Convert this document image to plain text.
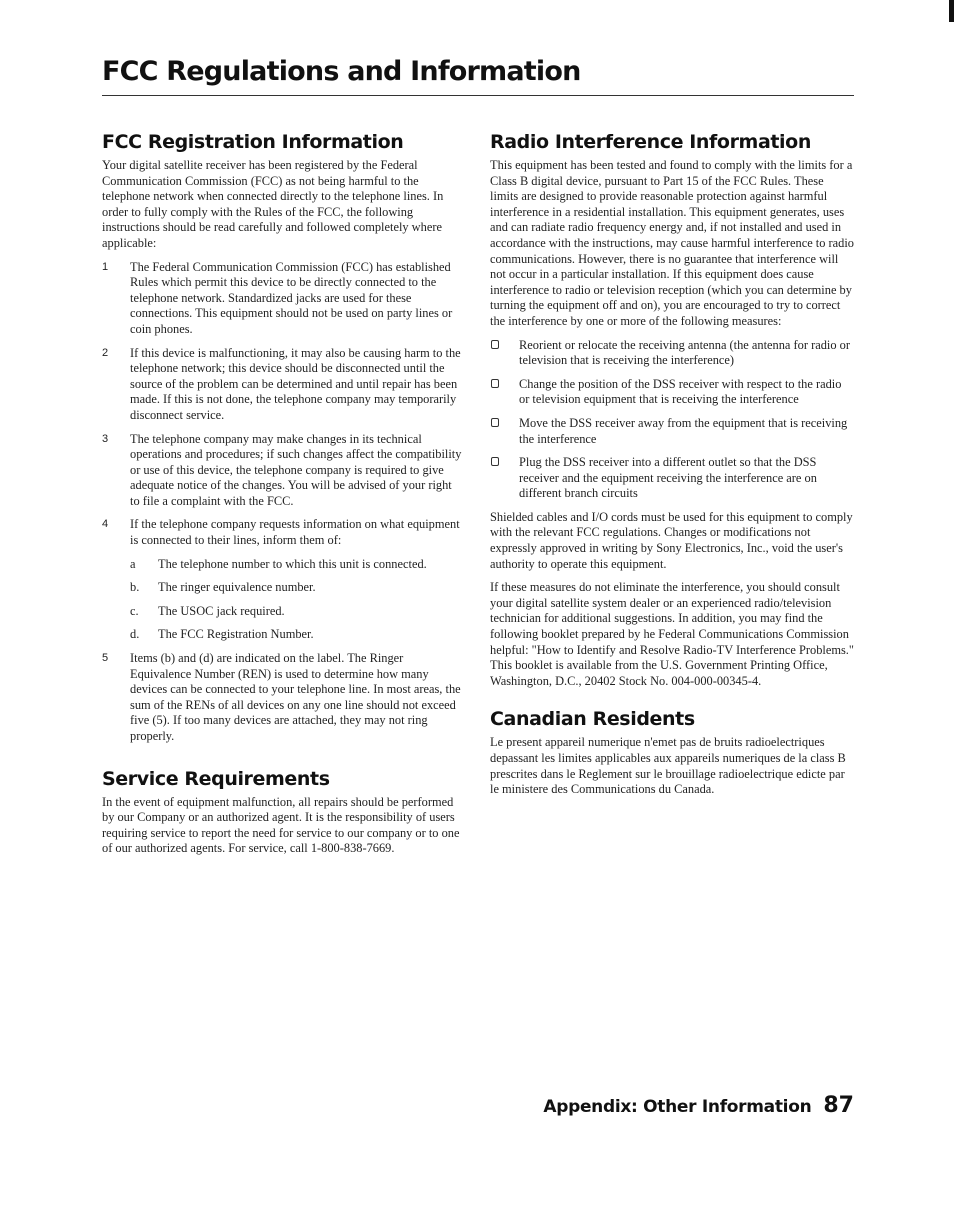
FCC Regulations and Information
FCC Registration Information

Your digital satellite receiver has been registered by the Federal Communication Commission (FCC) as not being harmful to the telephone network when connected directly to the telephone lines. In order to fully comply with the Rules of the FCC, the following instructions should be read carefully and followed completely where applicable:

1 The Federal Communication Commission (FCC) has established Rules which permit this device to be directly connected to the telephone network. Standardized jacks are used for these connections. This equipment should not be used on party lines or coin phones.
2 If this device is malfunctioning, it may also be causing harm to the telephone network; this device should be disconnected until the source of the problem can be determined and until repair has been made. If this is not done, the telephone company may temporarily disconnect service.
3 The telephone company may make changes in its technical operations and procedures; if such changes affect the compatibility or use of this device, the telephone company is required to give adequate notice of the changes. You will be advised of your right to file a complaint with the FCC.
4 If the telephone company requests information on what equipment is connected to their lines, inform them of:
a The telephone number to which this unit is connected.
b. The ringer equivalence number.
c. The USOC jack required.
d. The FCC Registration Number.
5 Items (b) and (d) are indicated on the label. The Ringer Equivalence Number (REN) is used to determine how many devices can be connected to your telephone line. In most areas, the sum of the RENs of all devices on any one line should not exceed five (5). If too many devices are attached, they may not ring properly.
Service Requirements

In the event of equipment malfunction, all repairs should be performed by our Company or an authorized agent. It is the responsibility of users requiring service to report the need for service to our company or to one of our authorized agents. For service, call 1-800-838-7669.

Radio Interference Information

This equipment has been tested and found to comply with the limits for a Class B digital device, pursuant to Part 15 of the FCC Rules. These limits are designed to provide reasonable protection against harmful interference in a residential installation. This equipment generates, uses and can radiate radio frequency energy and, if not installed and used in accordance with the instructions, may cause harmful interference to radio communications. However, there is no guarantee that interference will not occur in a particular installation. If this equipment does cause interference to radio or television reception (which you can determine by turning the equipment off and on), you are encouraged to try to correct the interference by one or more of the following measures:

Reorient or relocate the receiving antenna (the antenna for radio or television that is receiving the interference)
Change the position of the DSS receiver with respect to the radio or television equipment that is receiving the interference
Move the DSS receiver away from the equipment that is receiving the interference
Plug the DSS receiver into a different outlet so that the DSS receiver and the equipment receiving the interference are on different branch circuits

Shielded cables and I/O cords must be used for this equipment to comply with the relevant FCC regulations. Changes or modifications not expressly approved in writing by Sony Electronics, Inc., void the user's authority to operate this equipment.

If these measures do not eliminate the interference, you should consult your digital satellite system dealer or an experienced radio/television technician for additional suggestions. In addition, you may find the following booklet prepared by he Federal Communications Commission helpful: "How to Identify and Resolve Radio-TV Interference Problems." This booklet is available from the U.S. Government Printing Office, Washington, D.C., 20402 Stock No. 004-000-00345-4.

Canadian Residents

Le present appareil numerique n'emet pas de bruits radioelectriques depassant les limites applicables aux appareils numeriques de la class B prescrites dans le Reglement sur le brouillage radioelectrique edicte par le ministere des Communications du Canada.

Appendix: Other Information 87
